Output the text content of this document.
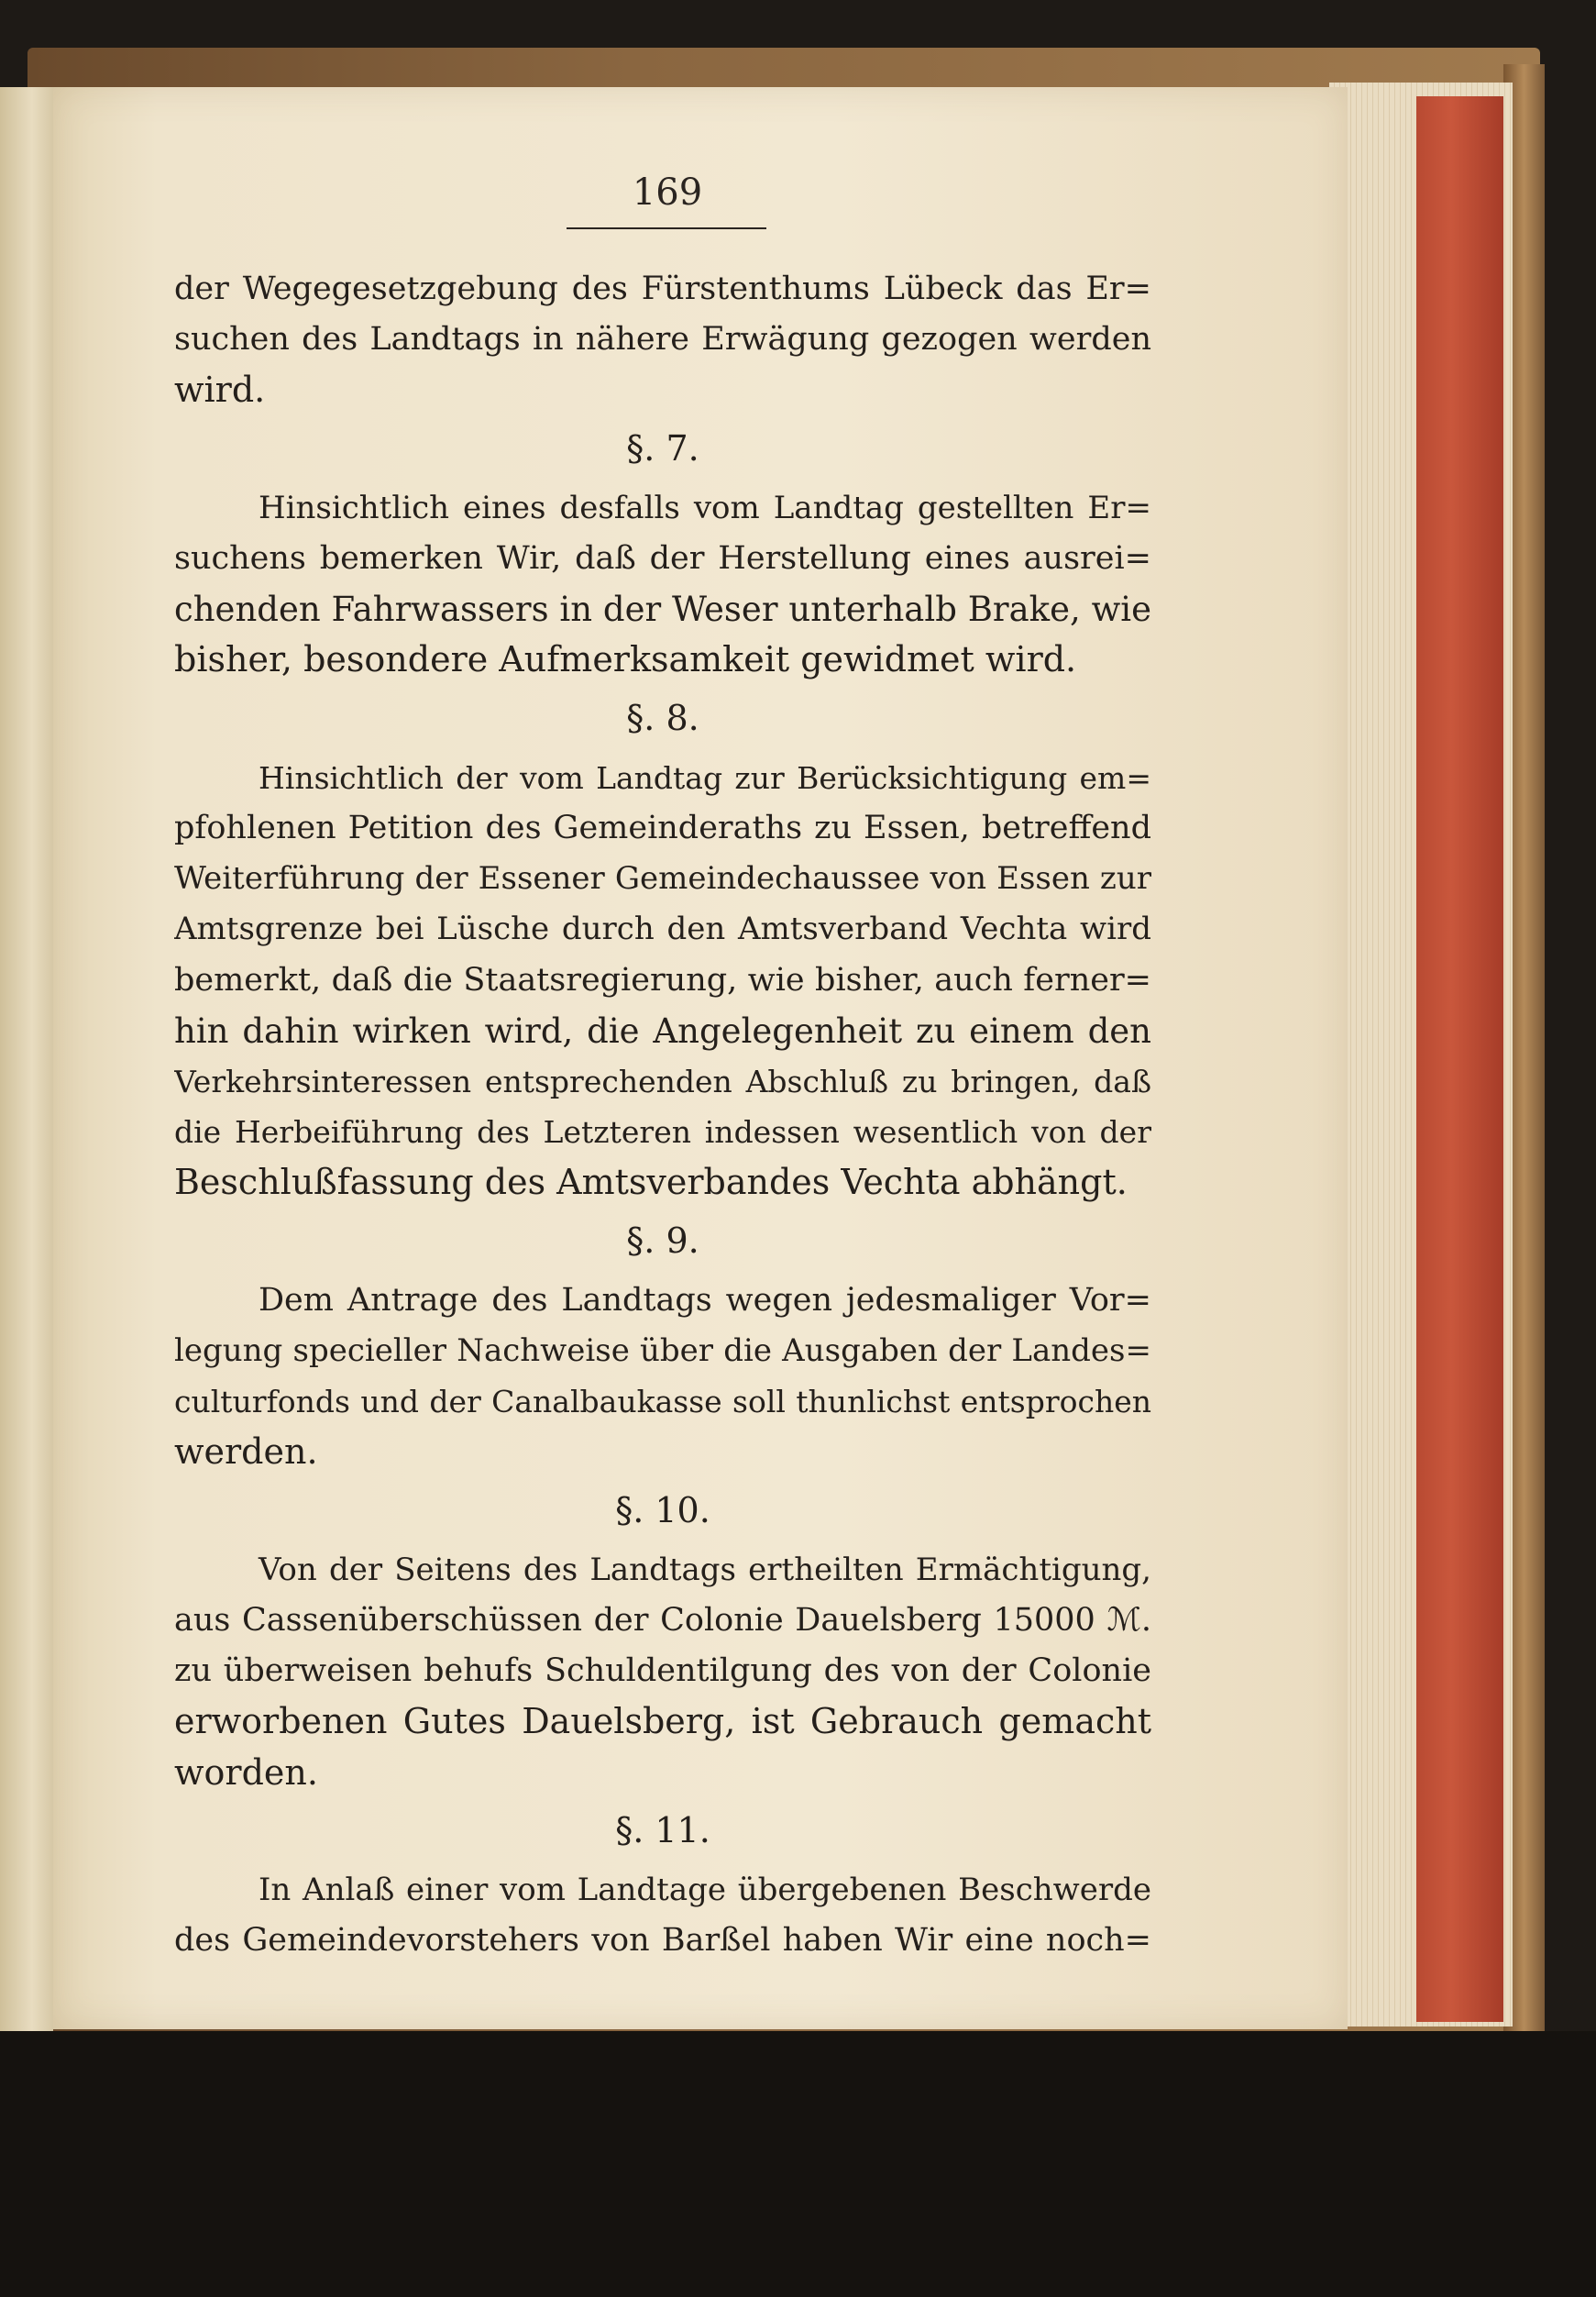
169
der Wegegesetzgebung des Fürstenthums Lübeck das Er=
suchen des Landtags in nähere Erwägung gezogen werden
wird.
§. 7.
Hinsichtlich eines desfalls vom Landtag gestellten Er=
suchens bemerken Wir, daß der Herstellung eines ausrei=
chenden Fahrwassers in der Weser unterhalb Brake, wie
bisher, besondere Aufmerksamkeit gewidmet wird.
§. 8.
Hinsichtlich der vom Landtag zur Berücksichtigung em=
pfohlenen Petition des Gemeinderaths zu Essen, betreffend
Weiterführung der Essener Gemeindechaussee von Essen zur
Amtsgrenze bei Lüsche durch den Amtsverband Vechta wird
bemerkt, daß die Staatsregierung, wie bisher, auch ferner=
hin dahin wirken wird, die Angelegenheit zu einem den
Verkehrsinteressen entsprechenden Abschluß zu bringen, daß
die Herbeiführung des Letzteren indessen wesentlich von der
Beschlußfassung des Amtsverbandes Vechta abhängt.
§. 9.
Dem Antrage des Landtags wegen jedesmaliger Vor=
legung specieller Nachweise über die Ausgaben der Landes=
culturfonds und der Canalbaukasse soll thunlichst entsprochen
werden.
§. 10.
Von der Seitens des Landtags ertheilten Ermächtigung,
aus Cassenüberschüssen der Colonie Dauelsberg 15000 ℳ.
zu überweisen behufs Schuldentilgung des von der Colonie
erworbenen Gutes Dauelsberg, ist Gebrauch gemacht
worden.
§. 11.
In Anlaß einer vom Landtage übergebenen Beschwerde
des Gemeindevorstehers von Barßel haben Wir eine noch=
